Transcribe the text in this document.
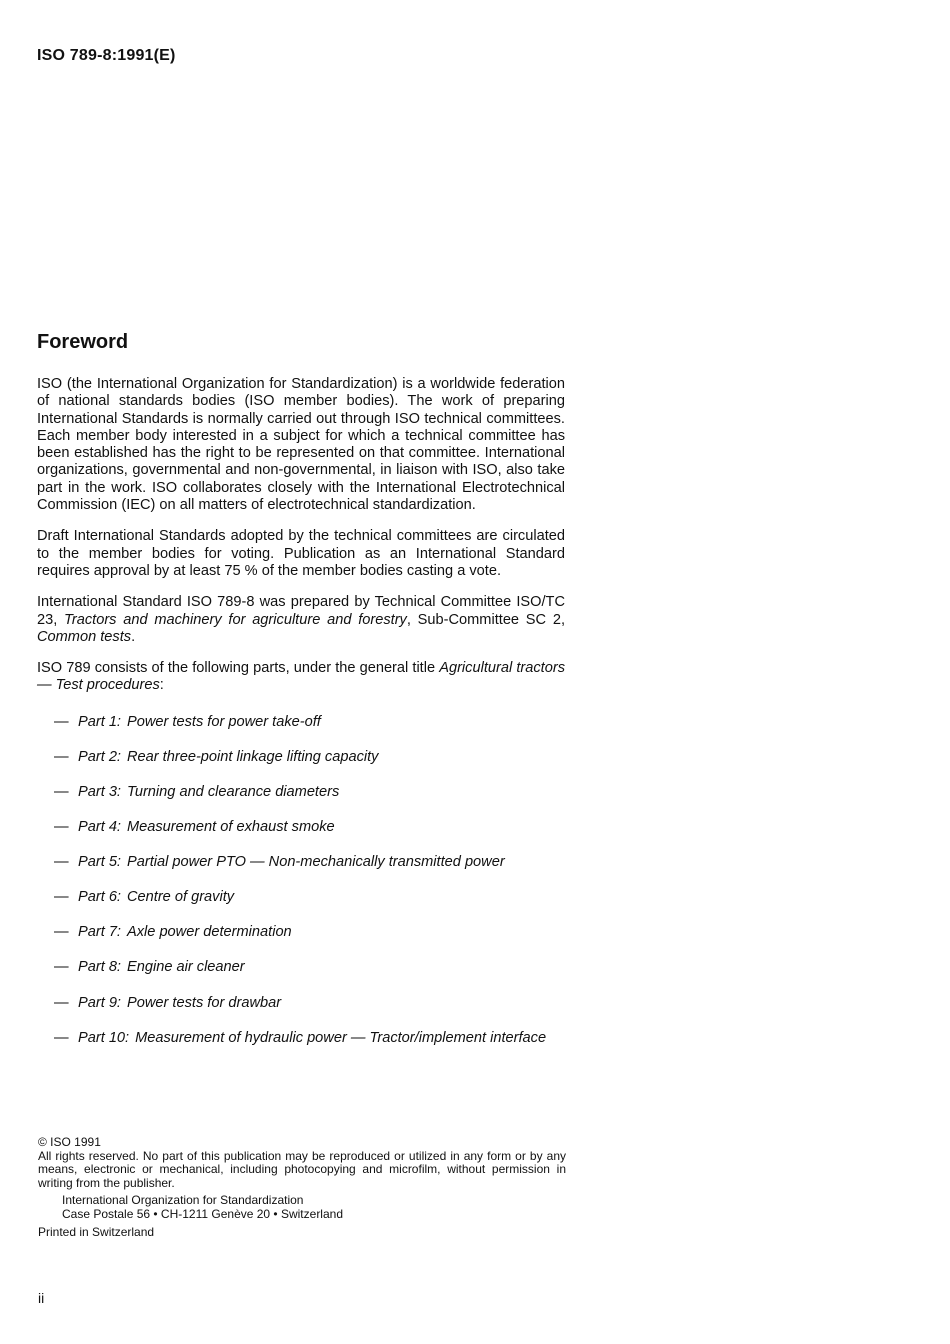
ISO 789-8:1991(E)
Foreword

ISO (the International Organization for Standardization) is a worldwide federation of national standards bodies (ISO member bodies). The work of preparing International Standards is normally carried out through ISO technical committees. Each member body interested in a subject for which a technical committee has been established has the right to be represented on that committee. International organizations, governmental and non-governmental, in liaison with ISO, also take part in the work. ISO collaborates closely with the International Electrotechnical Commission (IEC) on all matters of electrotechnical standardization.

Draft International Standards adopted by the technical committees are circulated to the member bodies for voting. Publication as an International Standard requires approval by at least 75 % of the member bodies casting a vote.

International Standard ISO 789-8 was prepared by Technical Committee ISO/TC 23, Tractors and machinery for agriculture and forestry, Sub-Committee SC 2, Common tests.

ISO 789 consists of the following parts, under the general title Agricultural tractors — Test procedures:

— Part 1: Power tests for power take-off
— Part 2: Rear three-point linkage lifting capacity
— Part 3: Turning and clearance diameters
— Part 4: Measurement of exhaust smoke
— Part 5: Partial power PTO — Non-mechanically transmitted power
— Part 6: Centre of gravity
— Part 7: Axle power determination
— Part 8: Engine air cleaner
— Part 9: Power tests for drawbar
— Part 10: Measurement of hydraulic power — Tractor/implement interface
© ISO 1991
All rights reserved. No part of this publication may be reproduced or utilized in any form or by any means, electronic or mechanical, including photocopying and microfilm, without permission in writing from the publisher.
International Organization for Standardization
Case Postale 56 • CH-1211 Genève 20 • Switzerland
Printed in Switzerland
ii
